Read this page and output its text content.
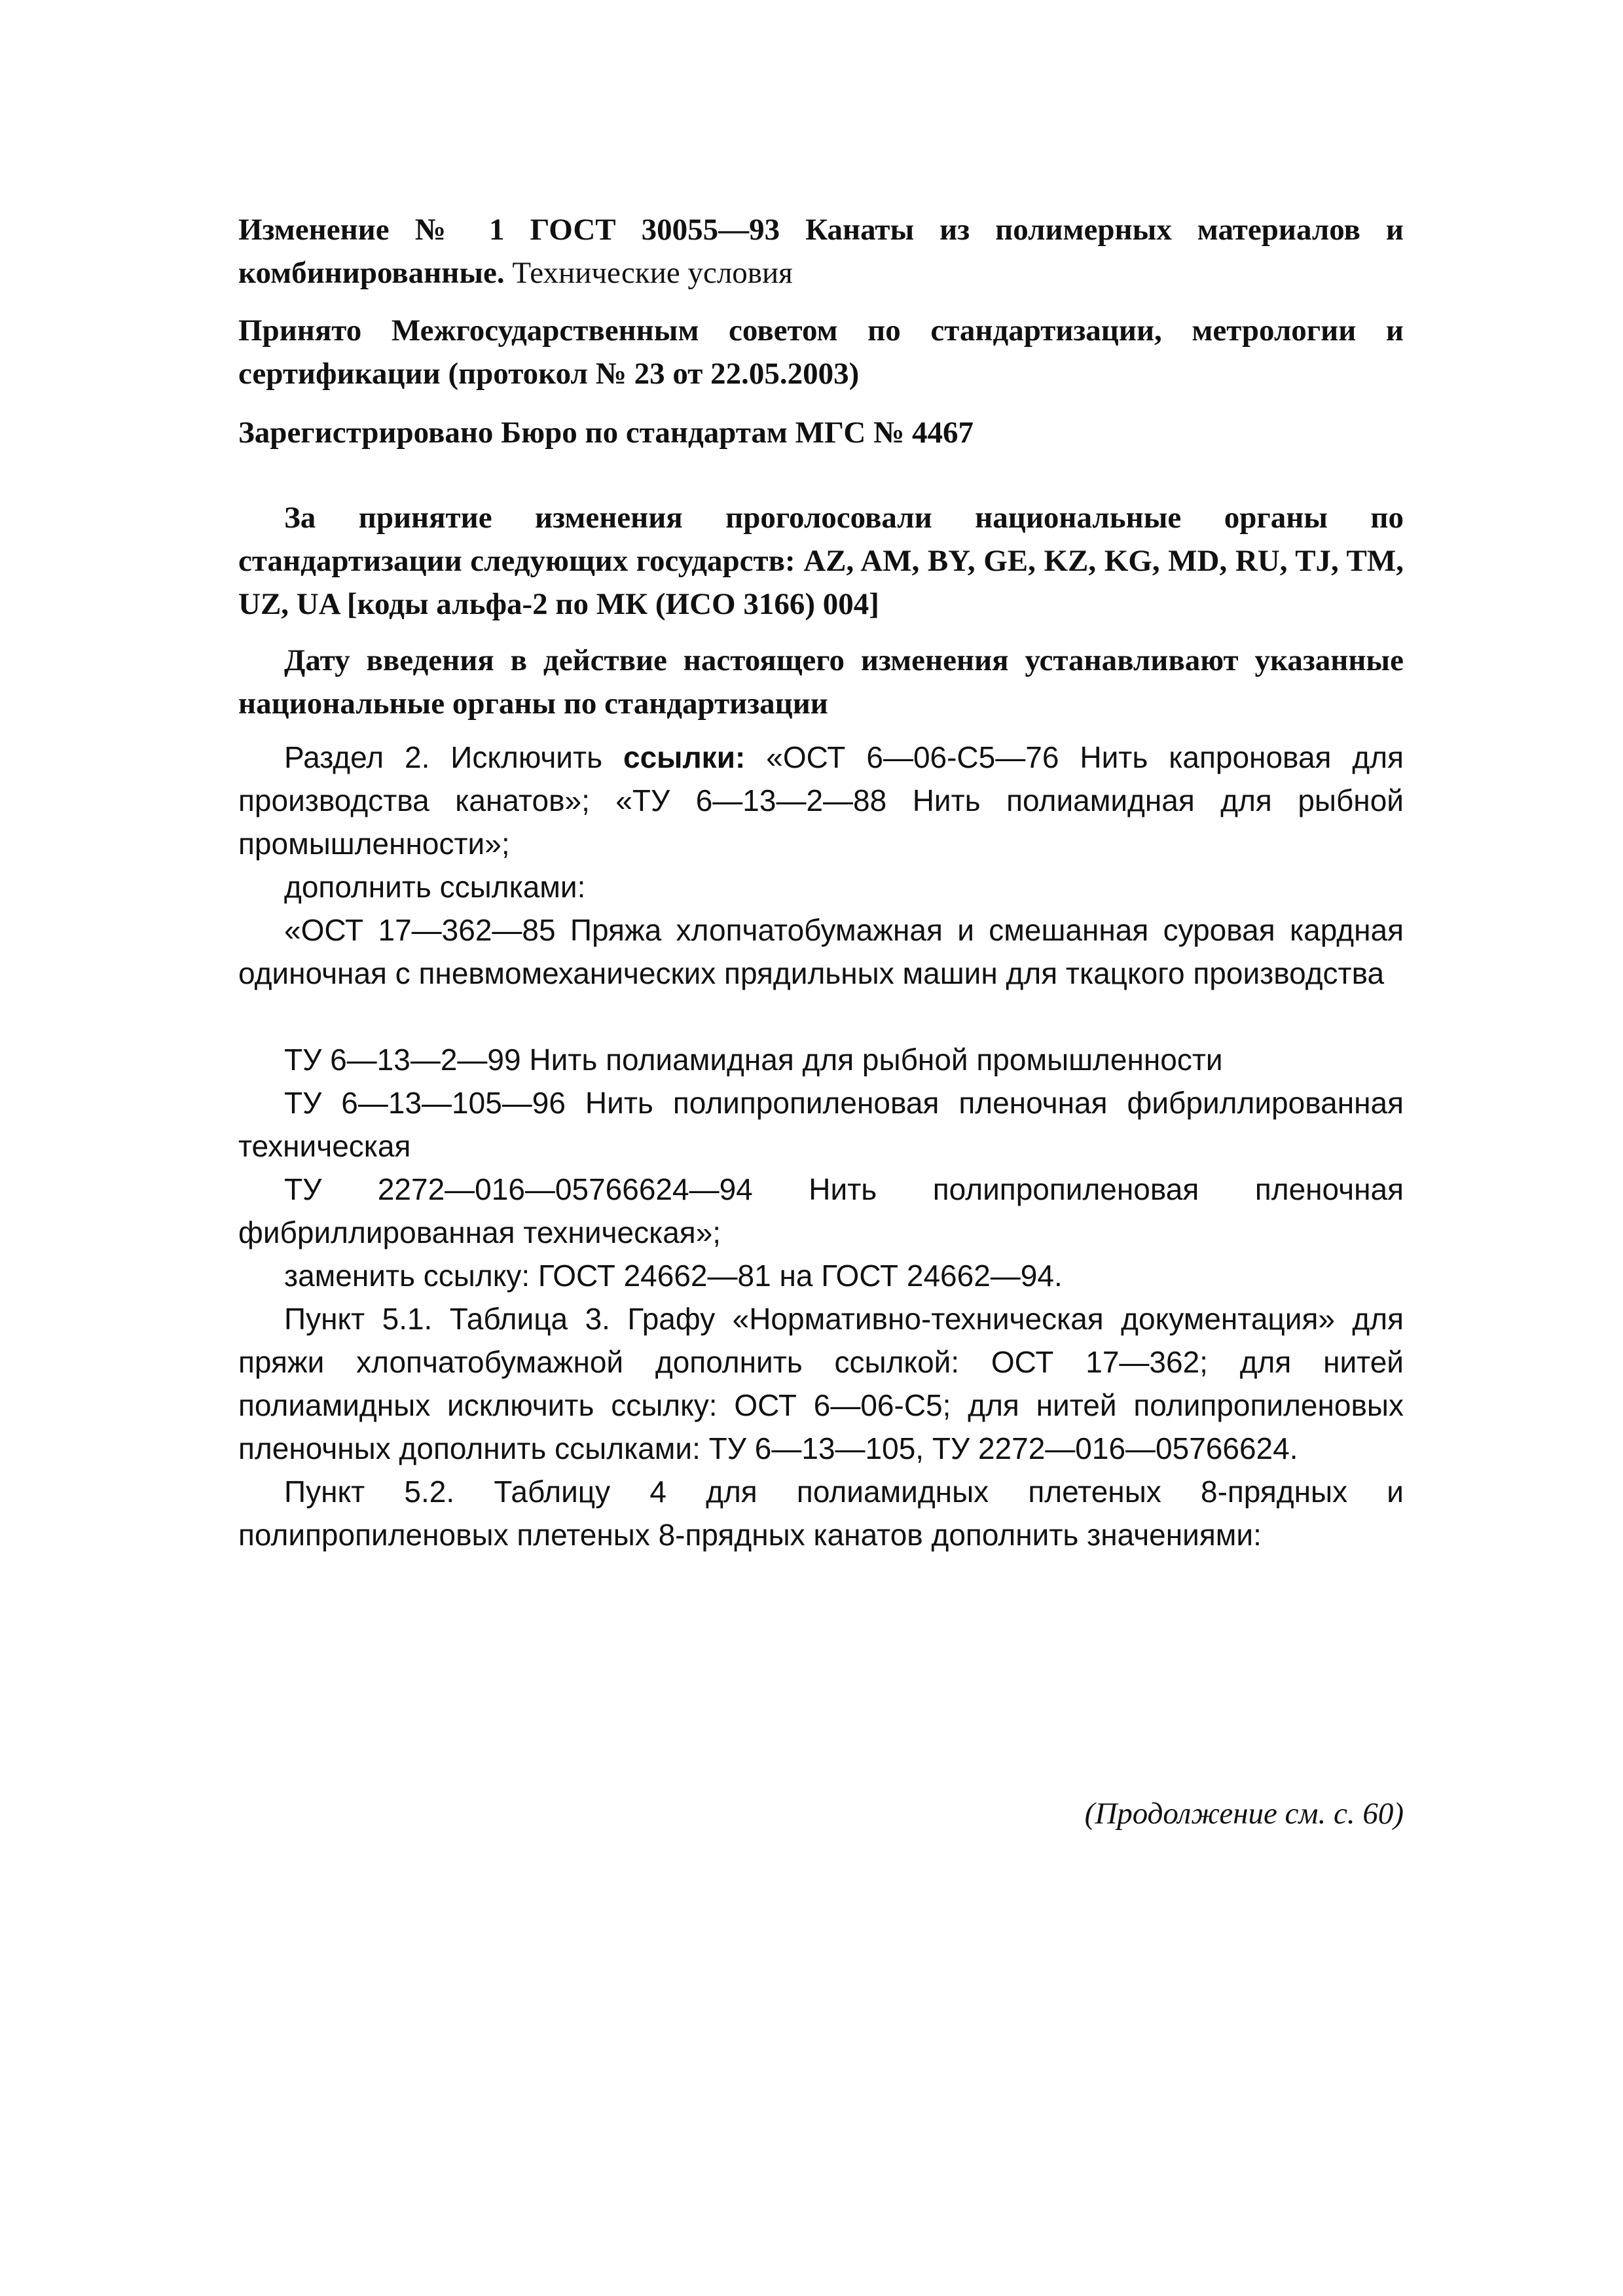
Изменение № 1 ГОСТ 30055—93 Канаты из полимерных материалов и комбинированные. Технические условия
Принято Межгосударственным советом по стандартизации, метрологии и сертификации (протокол № 23 от 22.05.2003)
Зарегистрировано Бюро по стандартам МГС № 4467
За принятие изменения проголосовали национальные органы по стандартизации следующих государств: AZ, AM, BY, GE, KZ, KG, MD, RU, TJ, TM, UZ, UA [коды альфа-2 по МК (ИСО 3166) 004]
Дату введения в действие настоящего изменения устанавливают указанные национальные органы по стандартизации
Раздел 2. Исключить ссылки: «ОСТ 6—06-С5—76 Нить капроновая для производства канатов»; «ТУ 6—13—2—88 Нить полиамидная для рыбной промышленности»;
дополнить ссылками:
«ОСТ 17—362—85 Пряжа хлопчатобумажная и смешанная суровая кардная одиночная с пневмомеханических прядильных машин для ткацкого производства
ТУ 6—13—2—99 Нить полиамидная для рыбной промышленности
ТУ 6—13—105—96 Нить полипропиленовая пленочная фибриллированная техническая
ТУ 2272—016—05766624—94 Нить полипропиленовая пленочная фибриллированная техническая»;
заменить ссылку: ГОСТ 24662—81 на ГОСТ 24662—94.
Пункт 5.1. Таблица 3. Графу «Нормативно-техническая документация» для пряжи хлопчатобумажной дополнить ссылкой: ОСТ 17—362; для нитей полиамидных исключить ссылку: ОСТ 6—06-С5; для нитей полипропиленовых пленочных дополнить ссылками: ТУ 6—13—105, ТУ 2272—016—05766624.
Пункт 5.2. Таблицу 4 для полиамидных плетеных 8-прядных и полипропиленовых плетеных 8-прядных канатов дополнить значениями:
(Продолжение см. с. 60)
